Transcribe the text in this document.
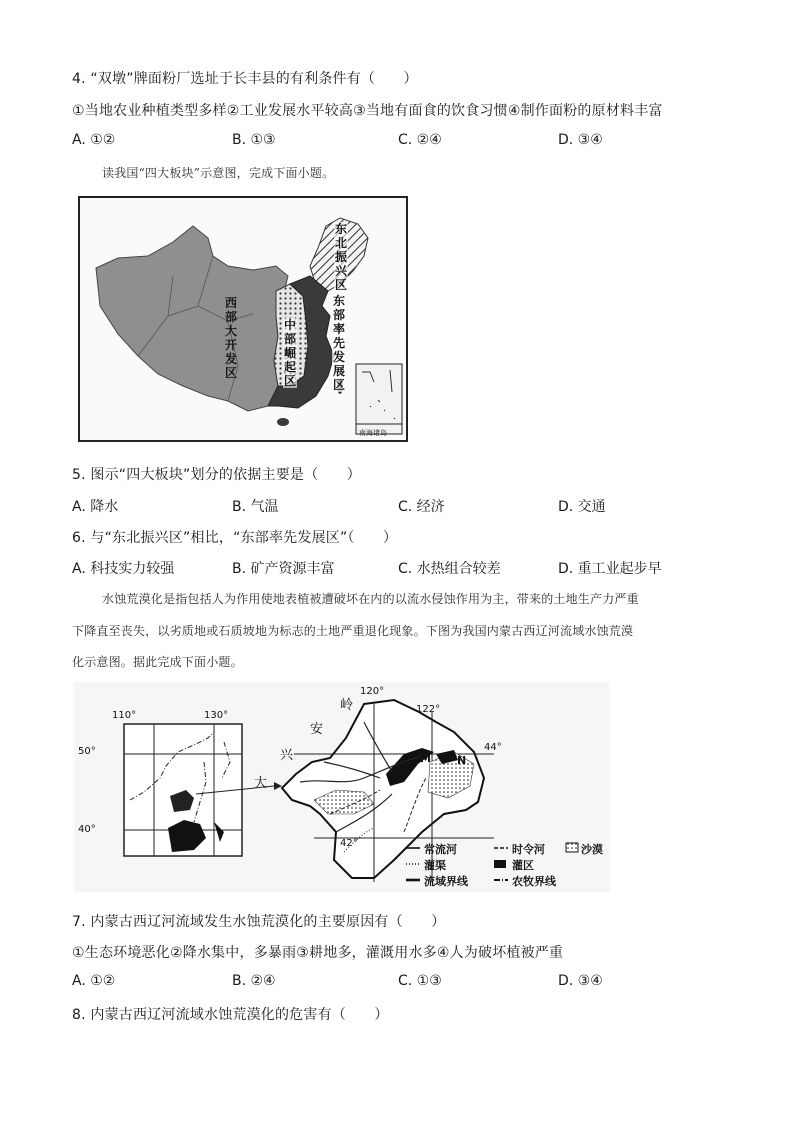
4. “双墩”牌面粉厂选址于长丰县的有利条件有（　　）
①当地农业种植类型多样②工业发展水平较高③当地有面食的饮食习惯④制作面粉的原材料丰富
A. ①②	B. ①③	C. ②④	D. ③④
读我国“四大板块”示意图，完成下面小题。
西部大开发区
中部崛起区
东北振兴区
东部率先发展区
南海诸岛
5. 图示“四大板块”划分的依据主要是（　　）
A. 降水	B. 气温	C. 经济	D. 交通
6. 与“东北振兴区”相比，“东部率先发展区”（　　）
A. 科技实力较强	B. 矿产资源丰富	C. 水热组合较差	D. 重工业起步早
水蚀荒漠化是指包括人为作用使地表植被遭破坏在内的以流水侵蚀作用为主，带来的土地生产力严重
下降直至丧失，以劣质地或石质坡地为标志的土地严重退化现象。下图为我国内蒙古西辽河流域水蚀荒漠
化示意图。据此完成下面小题。
110°	130°
50°
40°
120°
122°
44°
42°
岭
安
兴
大
M N
常流河	时令河	沙漠
灌渠	灌区
流域界线	农牧界线
7. 内蒙古西辽河流域发生水蚀荒漠化的主要原因有（　　）
①生态环境恶化②降水集中，多暴雨③耕地多，灌溉用水多④人为破坏植被严重
A. ①②	B. ②④	C. ①③	D. ③④
8. 内蒙古西辽河流域水蚀荒漠化的危害有（　　）
